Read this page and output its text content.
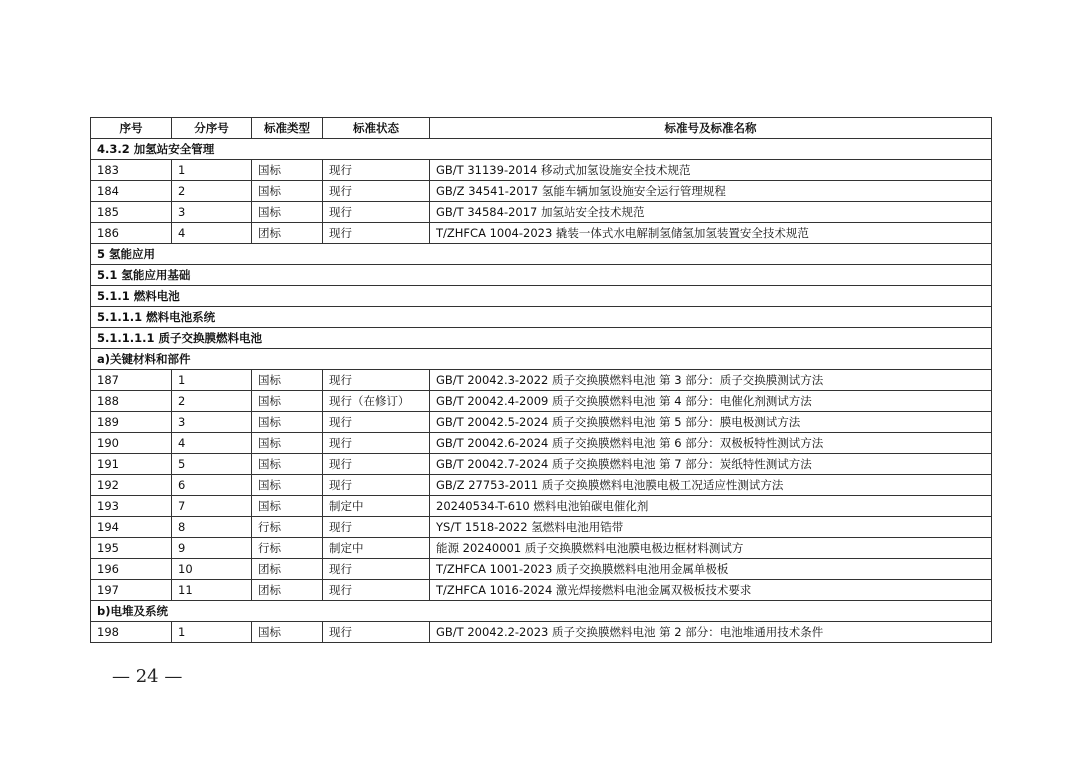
序号	分序号	标准类型	标准状态	标准号及标准名称
4.3.2 加氢站安全管理				
183	1	国标	现行	GB/T 31139-2014 移动式加氢设施安全技术规范
184	2	国标	现行	GB/Z 34541-2017 氢能车辆加氢设施安全运行管理规程
185	3	国标	现行	GB/T 34584-2017 加氢站安全技术规范
186	4	团标	现行	T/ZHFCA 1004-2023 撬装一体式水电解制氢储氢加氢装置安全技术规范
5 氢能应用				
5.1 氢能应用基础				
5.1.1 燃料电池				
5.1.1.1 燃料电池系统				
5.1.1.1.1 质子交换膜燃料电池				
a)关键材料和部件				
187	1	国标	现行	GB/T 20042.3-2022 质子交换膜燃料电池 第 3 部分：质子交换膜测试方法
188	2	国标	现行（在修订）	GB/T 20042.4-2009 质子交换膜燃料电池 第 4 部分：电催化剂测试方法
189	3	国标	现行	GB/T 20042.5-2024 质子交换膜燃料电池 第 5 部分：膜电极测试方法
190	4	国标	现行	GB/T 20042.6-2024 质子交换膜燃料电池 第 6 部分：双极板特性测试方法
191	5	国标	现行	GB/T 20042.7-2024 质子交换膜燃料电池 第 7 部分：炭纸特性测试方法
192	6	国标	现行	GB/Z 27753-2011 质子交换膜燃料电池膜电极工况适应性测试方法
193	7	国标	制定中	20240534-T-610 燃料电池铂碳电催化剂
194	8	行标	现行	YS/T 1518-2022 氢燃料电池用锆带
195	9	行标	制定中	能源 20240001 质子交换膜燃料电池膜电极边框材料测试方
196	10	团标	现行	T/ZHFCA 1001-2023 质子交换膜燃料电池用金属单极板
197	11	团标	现行	T/ZHFCA 1016-2024 激光焊接燃料电池金属双极板技术要求
b)电堆及系统				
198	1	国标	现行	GB/T 20042.2-2023 质子交换膜燃料电池 第 2 部分：电池堆通用技术条件
— 24 —
